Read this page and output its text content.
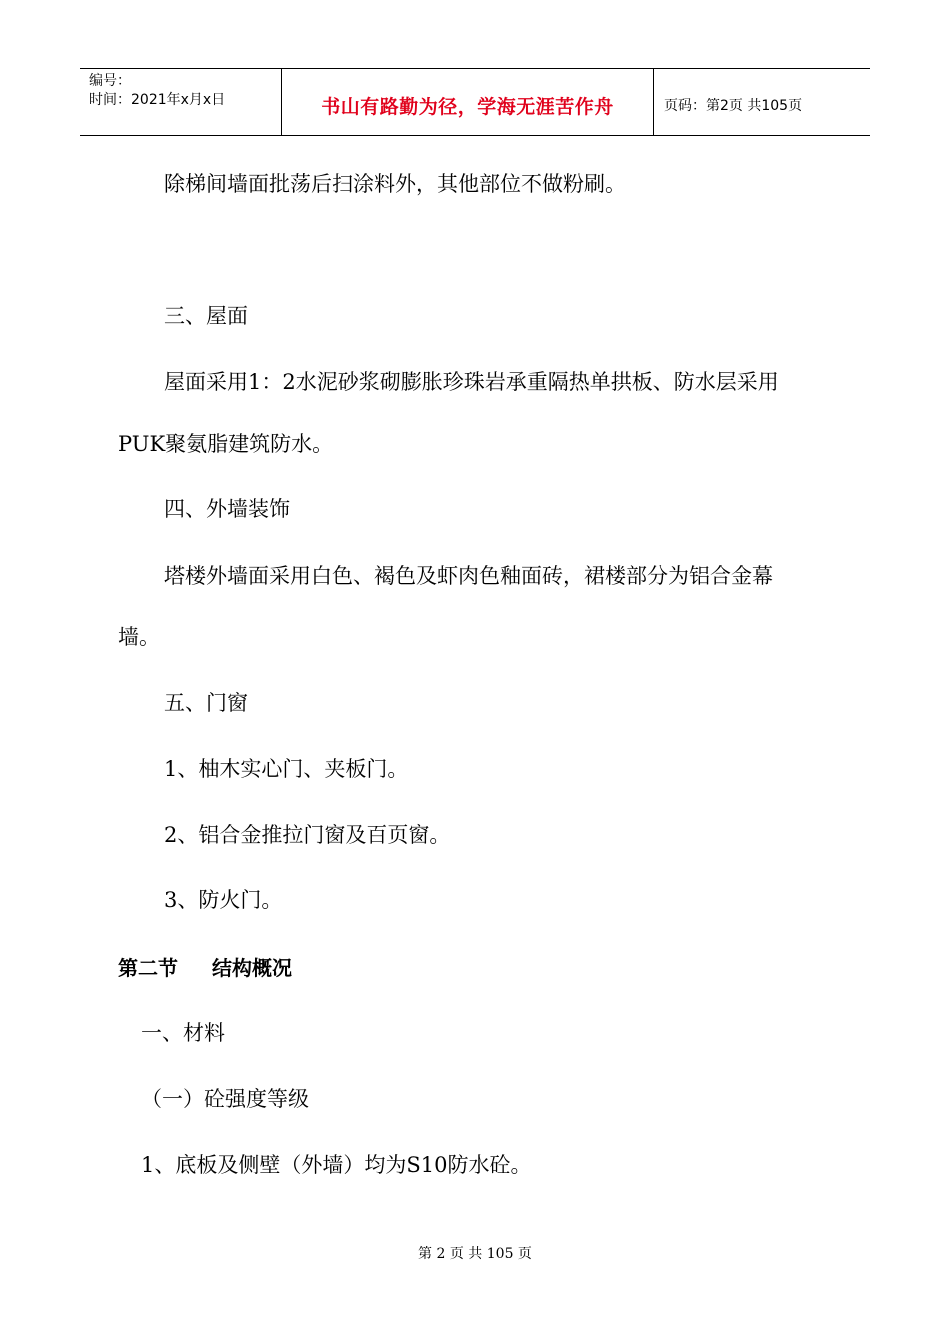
编号：
时间：2021年x月x日	书山有路勤为径，学海无涯苦作舟	页码：第2页 共105页
除梯间墙面批荡后扫涂料外，其他部位不做粉刷。
三、屋面
屋面采用1：2水泥砂浆砌膨胀珍珠岩承重隔热单拱板、防水层采用
PUK聚氨脂建筑防水。
四、外墙装饰
塔楼外墙面采用白色、褐色及虾肉色釉面砖，裙楼部分为铝合金幕
墙。
五、门窗
1、柚木实心门、夹板门。
2、铝合金推拉门窗及百页窗。
3、防火门。
第二节 结构概况
一、材料
（一）砼强度等级
1、底板及侧壁（外墙）均为S10防水砼。
第 2 页 共 105 页
